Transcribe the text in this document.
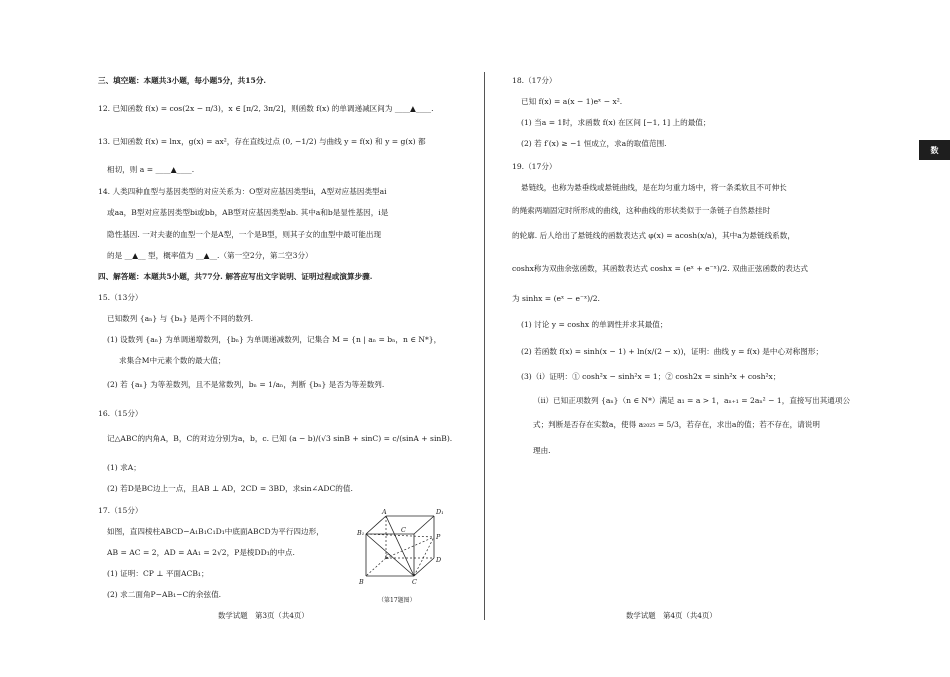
三、填空题：本题共3小题，每小题5分，共15分.
12. 已知函数 f(x) = cos(2x − π/3)，x ∈ [π/2, 3π/2]，则函数 f(x) 的单调递减区间为 ____▲____.
13. 已知函数 f(x) = lnx，g(x) = ax²，存在直线过点 (0, −1/2) 与曲线 y = f(x) 和 y = g(x) 都
相切，则 a = ____▲____.
14. 人类四种血型与基因类型的对应关系为：O型对应基因类型ii，A型对应基因类型ai
或aa，B型对应基因类型bi或bb，AB型对应基因类型ab. 其中a和b是显性基因，i是
隐性基因. 一对夫妻的血型一个是A型，一个是B型，则其子女的血型中最可能出现
的是 __▲__ 型，概率值为 __▲__.（第一空2分，第二空3分）
四、解答题：本题共5小题，共77分. 解答应写出文字说明、证明过程或演算步骤.
15.（13分）
已知数列 {aₙ} 与 {bₙ} 是两个不同的数列.
(1) 设数列 {aₙ} 为单调递增数列，{bₙ} 为单调递减数列，记集合 M = {n | aₙ = bₙ，n ∈ N*}，
求集合M中元素个数的最大值；
(2) 若 {aₙ} 为等差数列，且不是常数列，bₙ = 1/aₙ，判断 {bₙ} 是否为等差数列.
16.（15分）
记△ABC的内角A，B，C的对边分别为a，b，c. 已知 (a − b)/(√3 sinB + sinC) = c/(sinA + sinB).
(1) 求A；
(2) 若D是BC边上一点，且AB ⊥ AD，2CD = 3BD，求sin∠ADC的值.
17.（15分）
如图，直四棱柱ABCD−A₁B₁C₁D₁中底面ABCD为平行四边形，
AB = AC = 2，AD = AA₁ = 2√2，P是棱DD₁的中点.
(1) 证明：CP ⊥ 平面ACB₁；
(2) 求二面角P−AB₁−C的余弦值.
A	D₁
B₁	C
P
D
B
C
C
（第17题图）
数学试题　第3页（共4页）
18.（17分）
已知 f(x) = a(x − 1)eˣ − x².
(1) 当a = 1时，求函数 f(x) 在区间 [−1, 1] 上的最值；
(2) 若 f′(x) ≥ −1 恒成立，求a的取值范围.
19.（17分）
悬链线，也称为悬垂线或悬链曲线，是在均匀重力场中，将一条柔软且不可伸长
的绳索两端固定时所形成的曲线，这种曲线的形状类似于一条链子自然悬挂时
的轮廓. 后人给出了悬链线的函数表达式 φ(x) = acosh(x/a)，其中a为悬链线系数，
coshx称为双曲余弦函数，其函数表达式 coshx = (eˣ + e⁻ˣ)/2. 双曲正弦函数的表达式
为 sinhx = (eˣ − e⁻ˣ)/2.
(1) 讨论 y = coshx 的单调性并求其最值；
(2) 若函数 f(x) = sinh(x − 1) + ln(x/(2 − x))，证明：曲线 y = f(x) 是中心对称图形；
(3)（ⅰ）证明：① cosh²x − sinh²x = 1；② cosh2x = sinh²x + cosh²x；
（ⅱ）已知正项数列 {aₙ}（n ∈ N*）满足 a₁ = a > 1，aₙ₊₁ = 2aₙ² − 1，直接写出其通项公
式；判断是否存在实数a，使得 a₂₀₂₅ = 5/3，若存在，求出a的值；若不存在，请说明
理由.
数学试题　第4页（共4页）
数
